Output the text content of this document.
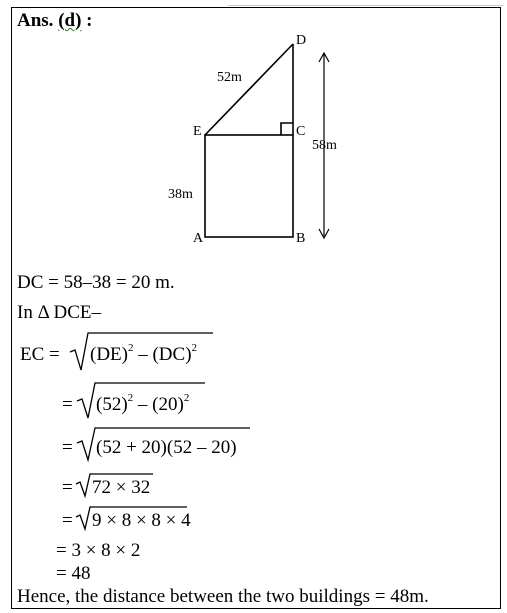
Ans. (d) :
D
C
E
A	B
52m
38m
58m
DC = 58–38 = 20 m.
In Δ DCE–
EC = (DE)$^2$ – (DC)$^2$
= $(52)^2 - (20)^2$
= (52 + 20)(52 – 20)
= 72 × 32
= 9 × 8 × 8 × 4
= 3 × 8 × 2
= 48
Hence, the distance between the two buildings = 48m.
